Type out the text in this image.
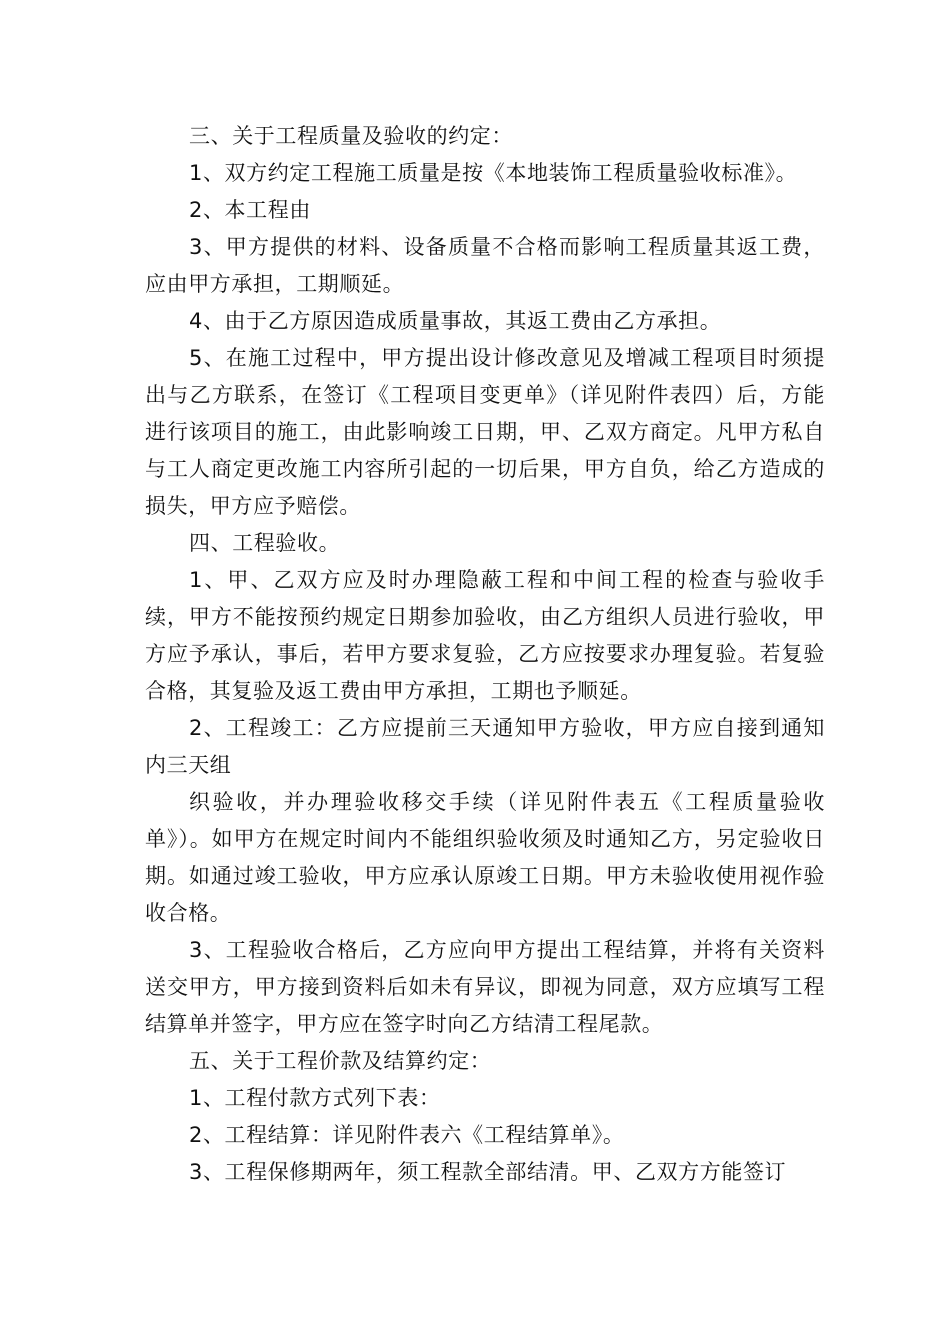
三、关于工程质量及验收的约定：

1、双方约定工程施工质量是按《本地装饰工程质量验收标准》。

2、本工程由

3、甲方提供的材料、设备质量不合格而影响工程质量其返工费，应由甲方承担，工期顺延。

4、由于乙方原因造成质量事故，其返工费由乙方承担。

5、在施工过程中，甲方提出设计修改意见及增减工程项目时须提出与乙方联系，在签订《工程项目变更单》（详见附件表四）后，方能进行该项目的施工，由此影响竣工日期，甲、乙双方商定。凡甲方私自与工人商定更改施工内容所引起的一切后果，甲方自负，给乙方造成的损失，甲方应予赔偿。

四、工程验收。

1、甲、乙双方应及时办理隐蔽工程和中间工程的检查与验收手续，甲方不能按预约规定日期参加验收，由乙方组织人员进行验收，甲方应予承认，事后，若甲方要求复验，乙方应按要求办理复验。若复验合格，其复验及返工费由甲方承担，工期也予顺延。

2、工程竣工：乙方应提前三天通知甲方验收，甲方应自接到通知内三天组

织验收，并办理验收移交手续（详见附件表五《工程质量验收单》）。如甲方在规定时间内不能组织验收须及时通知乙方，另定验收日期。如通过竣工验收，甲方应承认原竣工日期。甲方未验收使用视作验收合格。

3、工程验收合格后，乙方应向甲方提出工程结算，并将有关资料送交甲方，甲方接到资料后如未有异议，即视为同意，双方应填写工程结算单并签字，甲方应在签字时向乙方结清工程尾款。

五、关于工程价款及结算约定：

1、工程付款方式列下表：

2、工程结算：详见附件表六《工程结算单》。

3、工程保修期两年，须工程款全部结清。甲、乙双方方能签订
